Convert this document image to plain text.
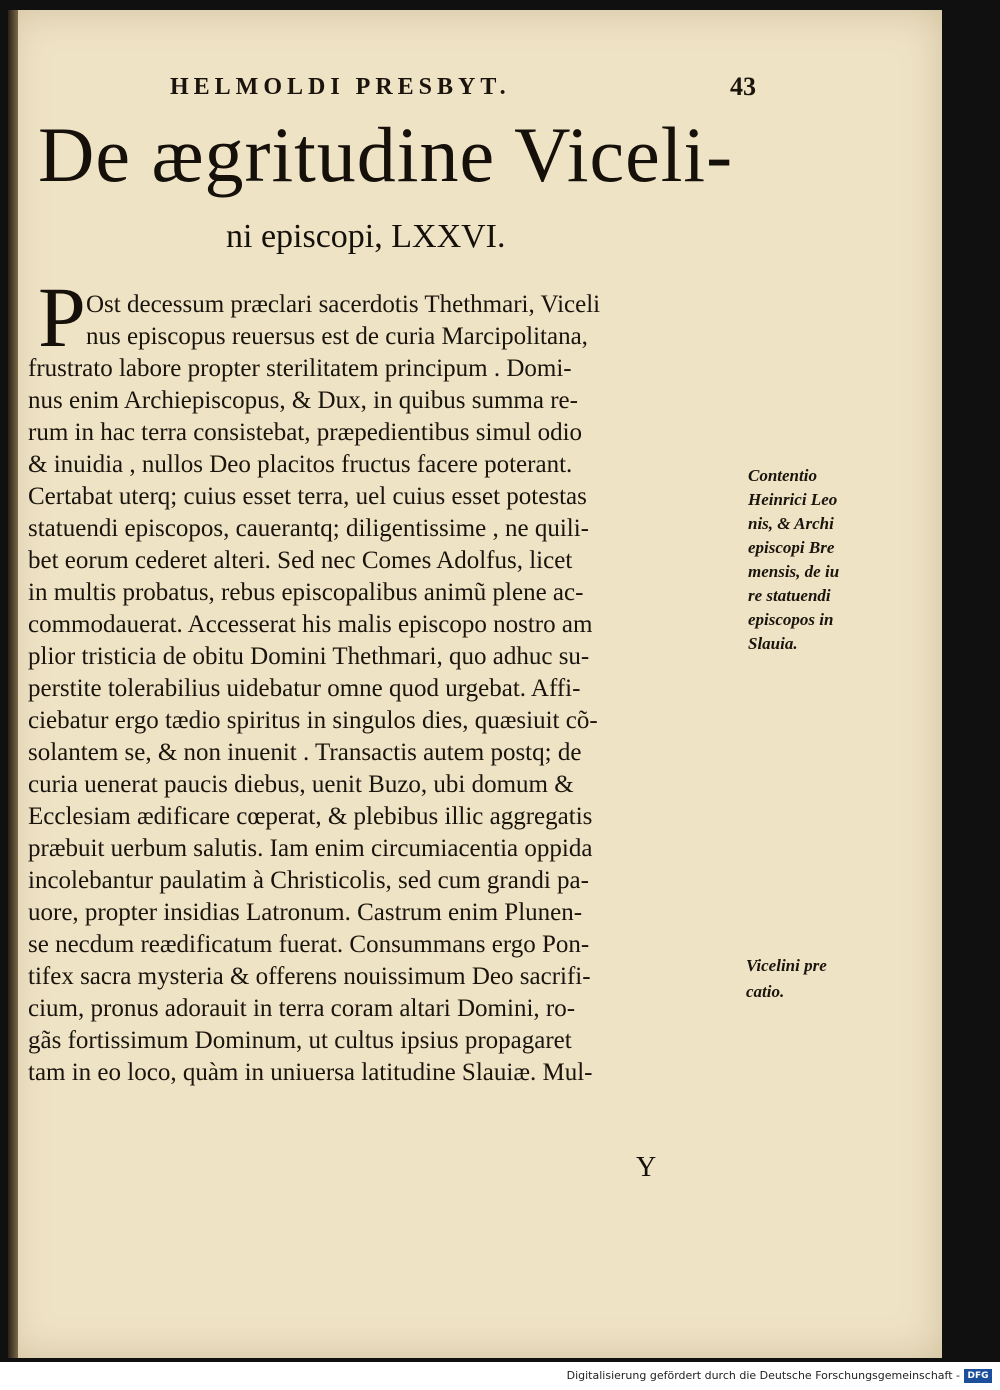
HELMOLDI PRESBYT.	43
De ægritudine Viceli-
ni episcopi, LXXVI.
P Ost decessum præclari sacerdotis Thethmari, Viceli
nus episcopus reuersus est de curia Marcipolitana,
frustrato labore propter sterilitatem principum . Domi-
nus enim Archiepiscopus, & Dux, in quibus summa re-
rum in hac terra consistebat, præpedientibus simul odio
& inuidia , nullos Deo placitos fructus facere poterant.
Certabat uterq; cuius esset terra, uel cuius esset potestas
statuendi episcopos, cauerantq; diligentissime , ne quili-
bet eorum cederet alteri. Sed nec Comes Adolfus, licet
in multis probatus, rebus episcopalibus animũ plene ac-
commodauerat. Accesserat his malis episcopo nostro am
plior tristicia de obitu Domini Thethmari, quo adhuc su-
perstite tolerabilius uidebatur omne quod urgebat. Affi-
ciebatur ergo tædio spiritus in singulos dies, quæsiuit cõ-
solantem se, & non inuenit . Transactis autem postq; de
curia uenerat paucis diebus, uenit Buzo, ubi domum &
Ecclesiam ædificare cœperat, & plebibus illic aggregatis
præbuit uerbum salutis. Iam enim circumiacentia oppida
incolebantur paulatim à Christicolis, sed cum grandi pa-
uore, propter insidias Latronum. Castrum enim Plunen-
se necdum reædificatum fuerat. Consummans ergo Pon-
tifex sacra mysteria & offerens nouissimum Deo sacrifi-
cium, pronus adorauit in terra coram altari Domini, ro-
gãs fortissimum Dominum, ut cultus ipsius propagaret
tam in eo loco, quàm in uniuersa latitudine Slauiæ. Mul-
Contentio
Heinrici Leo
nis, & Archi
episcopi Bre
mensis, de iu
re statuendi
episcopos in
Slauia.
Vicelini pre
catio.
Y
Digitalisierung gefördert durch die Deutsche Forschungsgemeinschaft - DFG
